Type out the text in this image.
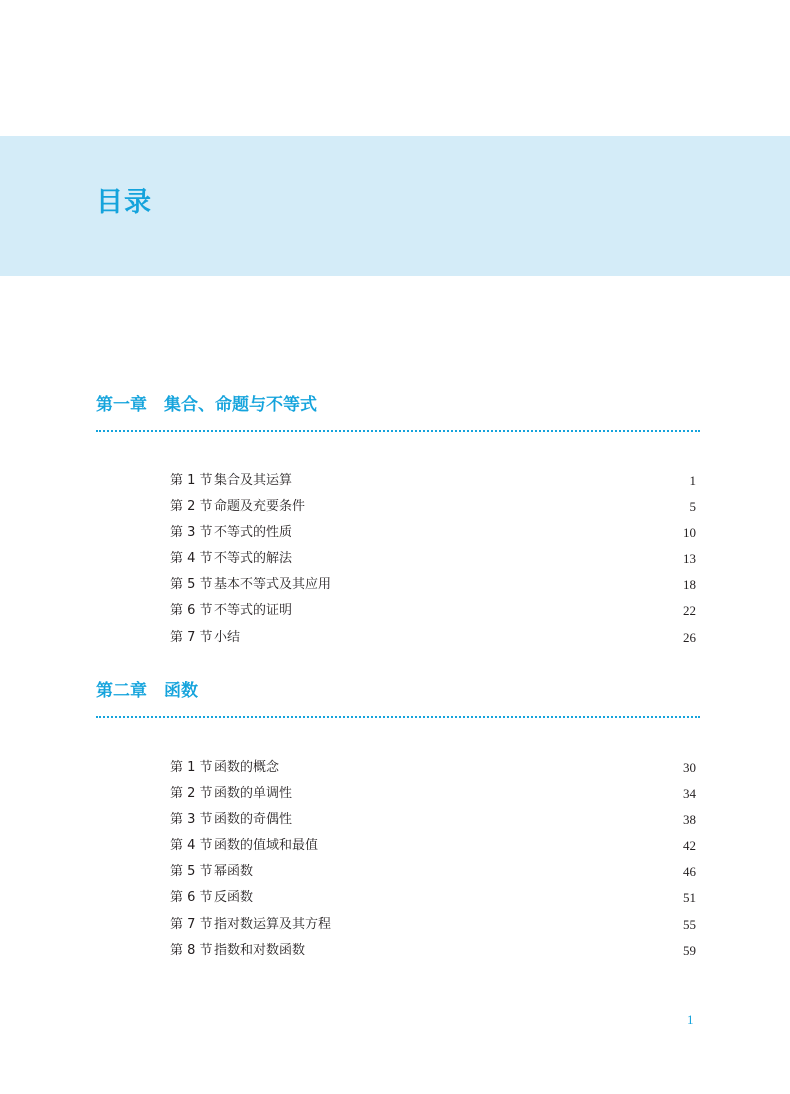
目录
第一章　集合、命题与不等式
第 1 节 集合及其运算	1
第 2 节 命题及充要条件	5
第 3 节 不等式的性质	10
第 4 节 不等式的解法	13
第 5 节 基本不等式及其应用	18
第 6 节 不等式的证明	22
第 7 节 小结	26
第二章　函数
第 1 节 函数的概念	30
第 2 节 函数的单调性	34
第 3 节 函数的奇偶性	38
第 4 节 函数的值域和最值	42
第 5 节 幂函数	46
第 6 节 反函数	51
第 7 节 指对数运算及其方程	55
第 8 节 指数和对数函数	59
1
